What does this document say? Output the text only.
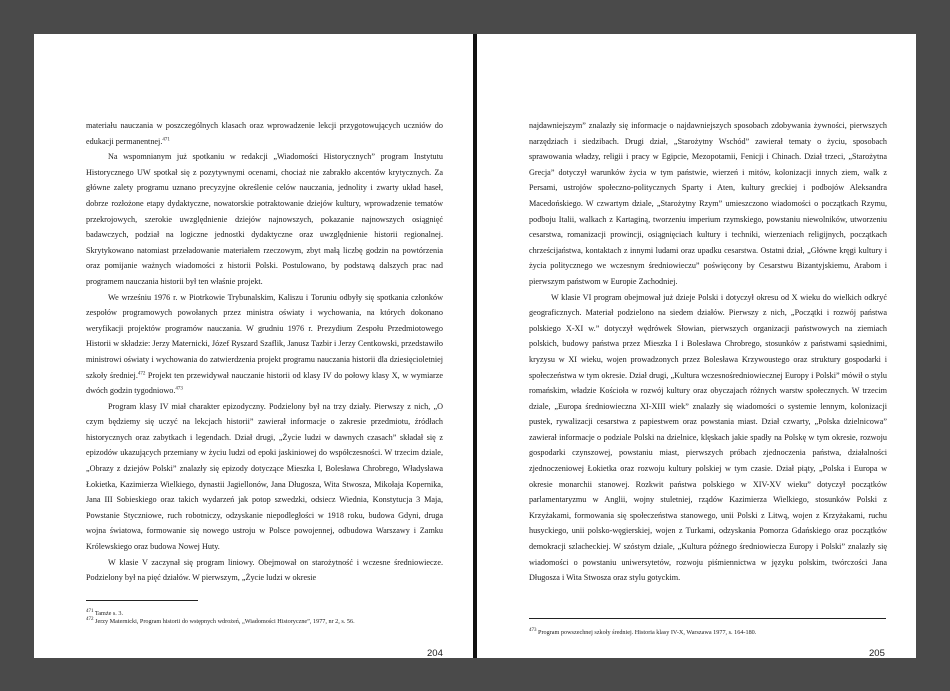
materiału nauczania w poszczególnych klasach oraz wprowadzenie lekcji przygotowujących uczniów do edukacji permanentnej.$^{471}$

Na wspomnianym już spotkaniu w redakcji „Wiadomości Historycznych” program Instytutu Historycznego UW spotkał się z pozytywnymi ocenami, chociaż nie zabrakło akcentów krytycznych. Za główne zalety programu uznano precyzyjne określenie celów nauczania, jednolity i zwarty układ haseł, dobrze rozłożone etapy dydaktyczne, nowatorskie potraktowanie dziejów kultury, wprowadzenie tematów przekrojowych, szerokie uwzględnienie dziejów najnowszych, pokazanie najnowszych osiągnięć badawczych, podział na logiczne jednostki dydaktyczne oraz uwzględnienie historii regionalnej. Skrytykowano natomiast przeładowanie materiałem rzeczowym, zbyt małą liczbę godzin na powtórzenia oraz pomijanie ważnych wiadomości z historii Polski. Postulowano, by podstawą dalszych prac nad programem nauczania historii był ten właśnie projekt.

We wrześniu 1976 r. w Piotrkowie Trybunalskim, Kaliszu i Toruniu odbyły się spotkania członków zespołów programowych powołanych przez ministra oświaty i wychowania, na których dokonano weryfikacji projektów programów nauczania. W grudniu 1976 r. Prezydium Zespołu Przedmiotowego Historii w składzie: Jerzy Maternicki, Józef Ryszard Szaflik, Janusz Tazbir i Jerzy Centkowski, przedstawiło ministrowi oświaty i wychowania do zatwierdzenia projekt programu nauczania historii dla dziesięcioletniej szkoły średniej.$^{472}$ Projekt ten przewidywał nauczanie historii od klasy IV do połowy klasy X, w wymiarze dwóch godzin tygodniowo.$^{473}$

Program klasy IV miał charakter epizodyczny. Podzielony był na trzy działy. Pierwszy z nich, „O czym będziemy się uczyć na lekcjach historii” zawierał informacje o zakresie przedmiotu, źródłach historycznych oraz zabytkach i legendach. Dział drugi, „Życie ludzi w dawnych czasach” składał się z epizodów ukazujących przemiany w życiu ludzi od epoki jaskiniowej do współczesności. W trzecim dziale, „Obrazy z dziejów Polski” znalazły się epizody dotyczące Mieszka I, Bolesława Chrobrego, Władysława Łokietka, Kazimierza Wielkiego, dynastii Jagiellonów, Jana Długosza, Wita Stwosza, Mikołaja Kopernika, Jana III Sobieskiego oraz takich wydarzeń jak potop szwedzki, odsiecz Wiednia, Konstytucja 3 Maja, Powstanie Styczniowe, ruch robotniczy, odzyskanie niepodległości w 1918 roku, budowa Gdyni, druga wojna światowa, formowanie się nowego ustroju w Polsce powojennej, odbudowa Warszawy i Zamku Królewskiego oraz budowa Nowej Huty.

W klasie V zaczynał się program liniowy. Obejmował on starożytność i wczesne średniowiecze. Podzielony był na pięć działów. W pierwszym, „Życie ludzi w okresie

$^{471}$ Tamże s. 3.
$^{472}$ Jerzy Maternicki, Program historii do wstępnych wdrożeń, „Wiadomości Historyczne”, 1977, nr 2, s. 56.
204

najdawniejszym” znalazły się informacje o najdawniejszych sposobach zdobywania żywności, pierwszych narzędziach i siedzibach. Drugi dział, „Starożytny Wschód” zawierał tematy o życiu, sposobach sprawowania władzy, religii i pracy w Egipcie, Mezopotamii, Fenicji i Chinach. Dział trzeci, „Starożytna Grecja” dotyczył warunków życia w tym państwie, wierzeń i mitów, kolonizacji innych ziem, walk z Persami, ustrojów społeczno-politycznych Sparty i Aten, kultury greckiej i podbojów Aleksandra Macedońskiego. W czwartym dziale, „Starożytny Rzym” umieszczono wiadomości o początkach Rzymu, podboju Italii, walkach z Kartaginą, tworzeniu imperium rzymskiego, powstaniu niewolników, utworzeniu cesarstwa, romanizacji prowincji, osiągnięciach kultury i techniki, wierzeniach religijnych, początkach chrześcijaństwa, kontaktach z innymi ludami oraz upadku cesarstwa. Ostatni dział, „Główne kręgi kultury i życia politycznego we wczesnym średniowieczu” poświęcony by Cesarstwu Bizantyjskiemu, Arabom i pierwszym państwom w Europie Zachodniej.

W klasie VI program obejmował już dzieje Polski i dotyczył okresu od X wieku do wielkich odkryć geograficznych. Materiał podzielono na siedem działów. Pierwszy z nich, „Początki i rozwój państwa polskiego X-XI w.” dotyczył wędrówek Słowian, pierwszych organizacji państwowych na ziemiach polskich, budowy państwa przez Mieszka I i Bolesława Chrobrego, stosunków z państwami sąsiednimi, kryzysu w XI wieku, wojen prowadzonych przez Bolesława Krzywoustego oraz struktury gospodarki i społeczeństwa w tym okresie. Dział drugi, „Kultura wczesnośredniowiecznej Europy i Polski” mówił o stylu romańskim, władzie Kościoła w rozwój kultury oraz obyczajach różnych warstw społecznych. W trzecim dziale, „Europa średniowieczna XI-XIII wiek” znalazły się wiadomości o systemie lennym, kolonizacji pustek, rywalizacji cesarstwa z papiestwem oraz powstania miast. Dział czwarty, „Polska dzielnicowa” zawierał informacje o podziale Polski na dzielnice, klęskach jakie spadły na Polskę w tym okresie, rozwoju gospodarki czynszowej, powstaniu miast, pierwszych próbach zjednoczenia państwa, działalności zjednoczeniowej Łokietka oraz rozwoju kultury polskiej w tym czasie. Dział piąty, „Polska i Europa w okresie monarchii stanowej. Rozkwit państwa polskiego w XIV-XV wieku” dotyczył początków parlamentaryzmu w Anglii, wojny stuletniej, rządów Kazimierza Wielkiego, stosunków Polski z Krzyżakami, formowania się społeczeństwa stanowego, unii Polski z Litwą, wojen z Krzyżakami, ruchu husyckiego, unii polsko-węgierskiej, wojen z Turkami, odzyskania Pomorza Gdańskiego oraz początków demokracji szlacheckiej. W szóstym dziale, „Kultura późnego średniowiecza Europy i Polski” znalazły się wiadomości o powstaniu uniwersytetów, rozwoju piśmiennictwa w języku polskim, twórczości Jana Długosza i Wita Stwosza oraz stylu gotyckim.

$^{473}$ Program powszechnej szkoły średniej. Historia klasy IV-X, Warszawa 1977, s. 164-180.
205
